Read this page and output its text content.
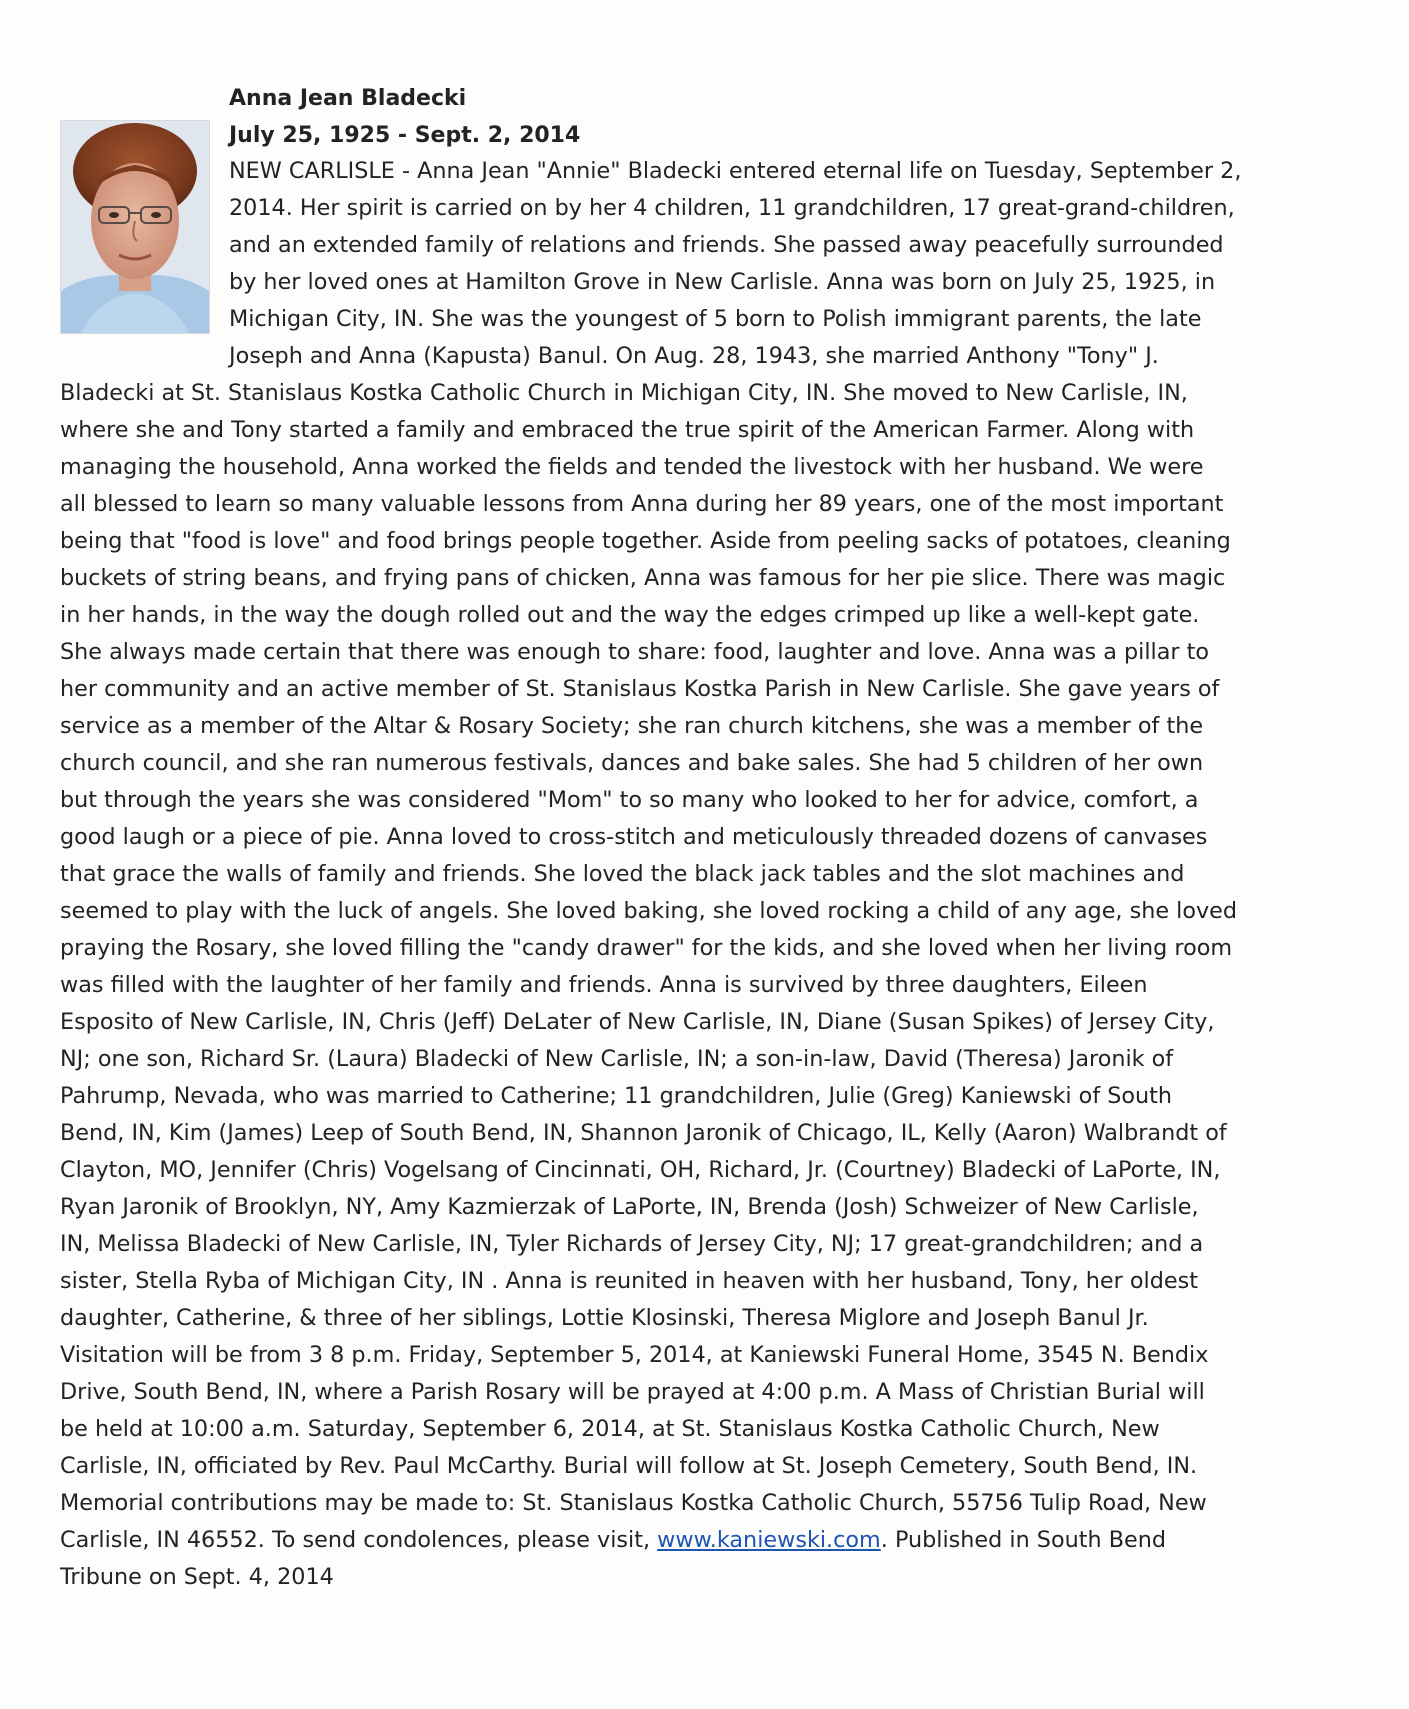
Anna Jean Bladecki
July 25, 1925 - Sept. 2, 2014
NEW CARLISLE - Anna Jean "Annie" Bladecki entered eternal life on Tuesday, September 2,
2014. Her spirit is carried on by her 4 children, 11 grandchildren, 17 great-grand-children,
and an extended family of relations and friends. She passed away peacefully surrounded
by her loved ones at Hamilton Grove in New Carlisle. Anna was born on July 25, 1925, in
Michigan City, IN. She was the youngest of 5 born to Polish immigrant parents, the late
Joseph and Anna (Kapusta) Banul. On Aug. 28, 1943, she married Anthony "Tony" J.
Bladecki at St. Stanislaus Kostka Catholic Church in Michigan City, IN. She moved to New Carlisle, IN,
where she and Tony started a family and embraced the true spirit of the American Farmer. Along with
managing the household, Anna worked the fields and tended the livestock with her husband. We were
all blessed to learn so many valuable lessons from Anna during her 89 years, one of the most important
being that "food is love" and food brings people together. Aside from peeling sacks of potatoes, cleaning
buckets of string beans, and frying pans of chicken, Anna was famous for her pie slice. There was magic
in her hands, in the way the dough rolled out and the way the edges crimped up like a well-kept gate.
She always made certain that there was enough to share: food, laughter and love. Anna was a pillar to
her community and an active member of St. Stanislaus Kostka Parish in New Carlisle. She gave years of
service as a member of the Altar & Rosary Society; she ran church kitchens, she was a member of the
church council, and she ran numerous festivals, dances and bake sales. She had 5 children of her own
but through the years she was considered "Mom" to so many who looked to her for advice, comfort, a
good laugh or a piece of pie. Anna loved to cross-stitch and meticulously threaded dozens of canvases
that grace the walls of family and friends. She loved the black jack tables and the slot machines and
seemed to play with the luck of angels. She loved baking, she loved rocking a child of any age, she loved
praying the Rosary, she loved filling the "candy drawer" for the kids, and she loved when her living room
was filled with the laughter of her family and friends. Anna is survived by three daughters, Eileen
Esposito of New Carlisle, IN, Chris (Jeff) DeLater of New Carlisle, IN, Diane (Susan Spikes) of Jersey City,
NJ; one son, Richard Sr. (Laura) Bladecki of New Carlisle, IN; a son-in-law, David (Theresa) Jaronik of
Pahrump, Nevada, who was married to Catherine; 11 grandchildren, Julie (Greg) Kaniewski of South
Bend, IN, Kim (James) Leep of South Bend, IN, Shannon Jaronik of Chicago, IL, Kelly (Aaron) Walbrandt of
Clayton, MO, Jennifer (Chris) Vogelsang of Cincinnati, OH, Richard, Jr. (Courtney) Bladecki of LaPorte, IN,
Ryan Jaronik of Brooklyn, NY, Amy Kazmierzak of LaPorte, IN, Brenda (Josh) Schweizer of New Carlisle,
IN, Melissa Bladecki of New Carlisle, IN, Tyler Richards of Jersey City, NJ; 17 great-grandchildren; and a
sister, Stella Ryba of Michigan City, IN . Anna is reunited in heaven with her husband, Tony, her oldest
daughter, Catherine, & three of her siblings, Lottie Klosinski, Theresa Miglore and Joseph Banul Jr.
Visitation will be from 3 8 p.m. Friday, September 5, 2014, at Kaniewski Funeral Home, 3545 N. Bendix
Drive, South Bend, IN, where a Parish Rosary will be prayed at 4:00 p.m. A Mass of Christian Burial will
be held at 10:00 a.m. Saturday, September 6, 2014, at St. Stanislaus Kostka Catholic Church, New
Carlisle, IN, officiated by Rev. Paul McCarthy. Burial will follow at St. Joseph Cemetery, South Bend, IN.
Memorial contributions may be made to: St. Stanislaus Kostka Catholic Church, 55756 Tulip Road, New
Carlisle, IN 46552. To send condolences, please visit, www.kaniewski.com. Published in South Bend
Tribune on Sept. 4, 2014
